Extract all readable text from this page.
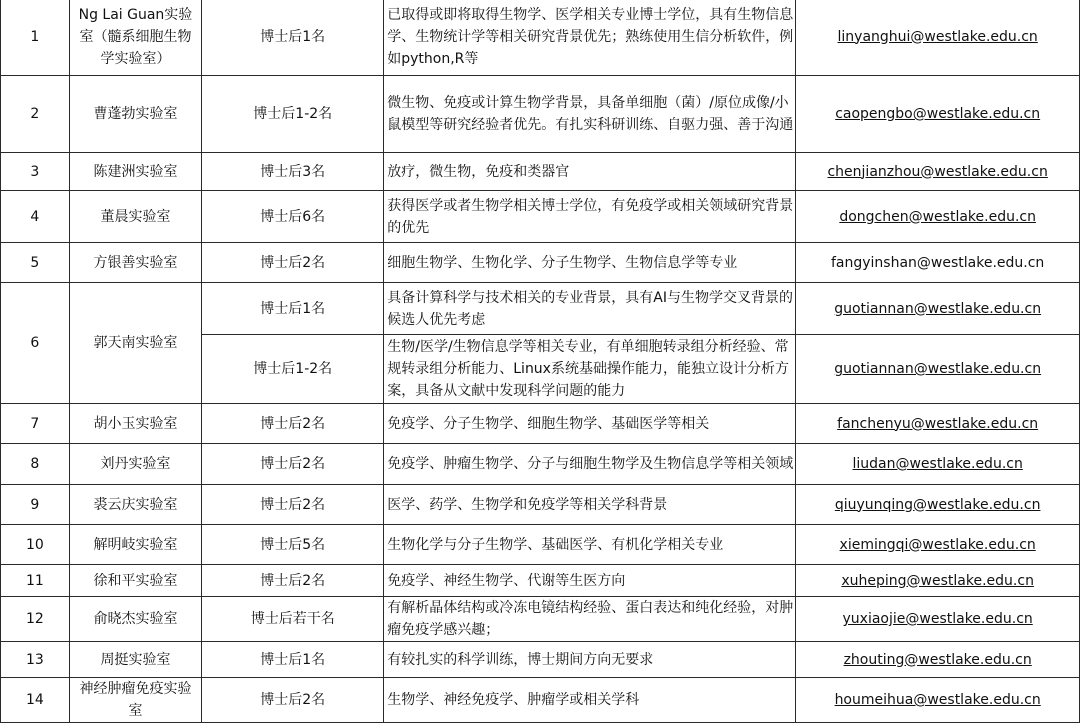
1	Ng Lai Guan实验室（髓系细胞生物学实验室）	博士后1名	已取得或即将取得生物学、医学相关专业博士学位，具有生物信息学、生物统计学等相关研究背景优先；熟练使用生信分析软件，例如python,R等	linyanghui@westlake.edu.cn
2	曹蓬勃实验室	博士后1-2名	微生物、免疫或计算生物学背景，具备单细胞（菌）/原位成像/小鼠模型等研究经验者优先。有扎实科研训练、自驱力强、善于沟通	caopengbo@westlake.edu.cn
3	陈建洲实验室	博士后3名	放疗，微生物，免疫和类器官	chenjianzhou@westlake.edu.cn
4	董晨实验室	博士后6名	获得医学或者生物学相关博士学位，有免疫学或相关领域研究背景的优先	dongchen@westlake.edu.cn
5	方银善实验室	博士后2名	细胞生物学、生物化学、分子生物学、生物信息学等专业	fangyinshan@westlake.edu.cn
6	郭天南实验室	博士后1名	具备计算科学与技术相关的专业背景，具有AI与生物学交叉背景的候选人优先考虑	guotiannan@westlake.edu.cn
		博士后1-2名	生物/医学/生物信息学等相关专业，有单细胞转录组分析经验、常规转录组分析能力、Linux系统基础操作能力，能独立设计分析方案，具备从文献中发现科学问题的能力	guotiannan@westlake.edu.cn
7	胡小玉实验室	博士后2名	免疫学、分子生物学、细胞生物学、基础医学等相关	fanchenyu@westlake.edu.cn
8	刘丹实验室	博士后2名	免疫学、肿瘤生物学、分子与细胞生物学及生物信息学等相关领域	liudan@westlake.edu.cn
9	裘云庆实验室	博士后2名	医学、药学、生物学和免疫学等相关学科背景	qiuyunqing@westlake.edu.cn
10	解明岐实验室	博士后5名	生物化学与分子生物学、基础医学、有机化学相关专业	xiemingqi@westlake.edu.cn
11	徐和平实验室	博士后2名	免疫学、神经生物学、代谢等生医方向	xuheping@westlake.edu.cn
12	俞晓杰实验室	博士后若干名	有解析晶体结构或冷冻电镜结构经验、蛋白表达和纯化经验，对肿瘤免疫学感兴趣；	yuxiaojie@westlake.edu.cn
13	周挺实验室	博士后1名	有较扎实的科学训练，博士期间方向无要求	zhouting@westlake.edu.cn
14	神经肿瘤免疫实验室	博士后2名	生物学、神经免疫学、肿瘤学或相关学科	houmeihua@westlake.edu.cn
